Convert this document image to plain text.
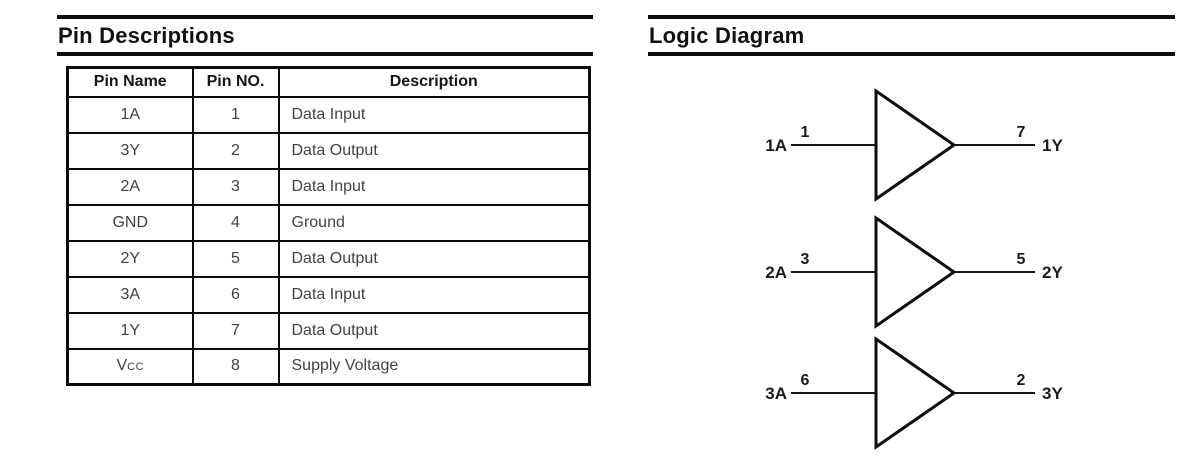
Pin Descriptions
Pin Name	Pin NO.	Description
1A	1	Data Input
3Y	2	Data Output
2A	3	Data Input
GND	4	Ground
2Y	5	Data Output
3A	6	Data Input
1Y	7	Data Output
VCC	8	Supply Voltage
Logic Diagram
1A
1	7
1Y
2A
3	5
2Y
3A
6	2
3Y
